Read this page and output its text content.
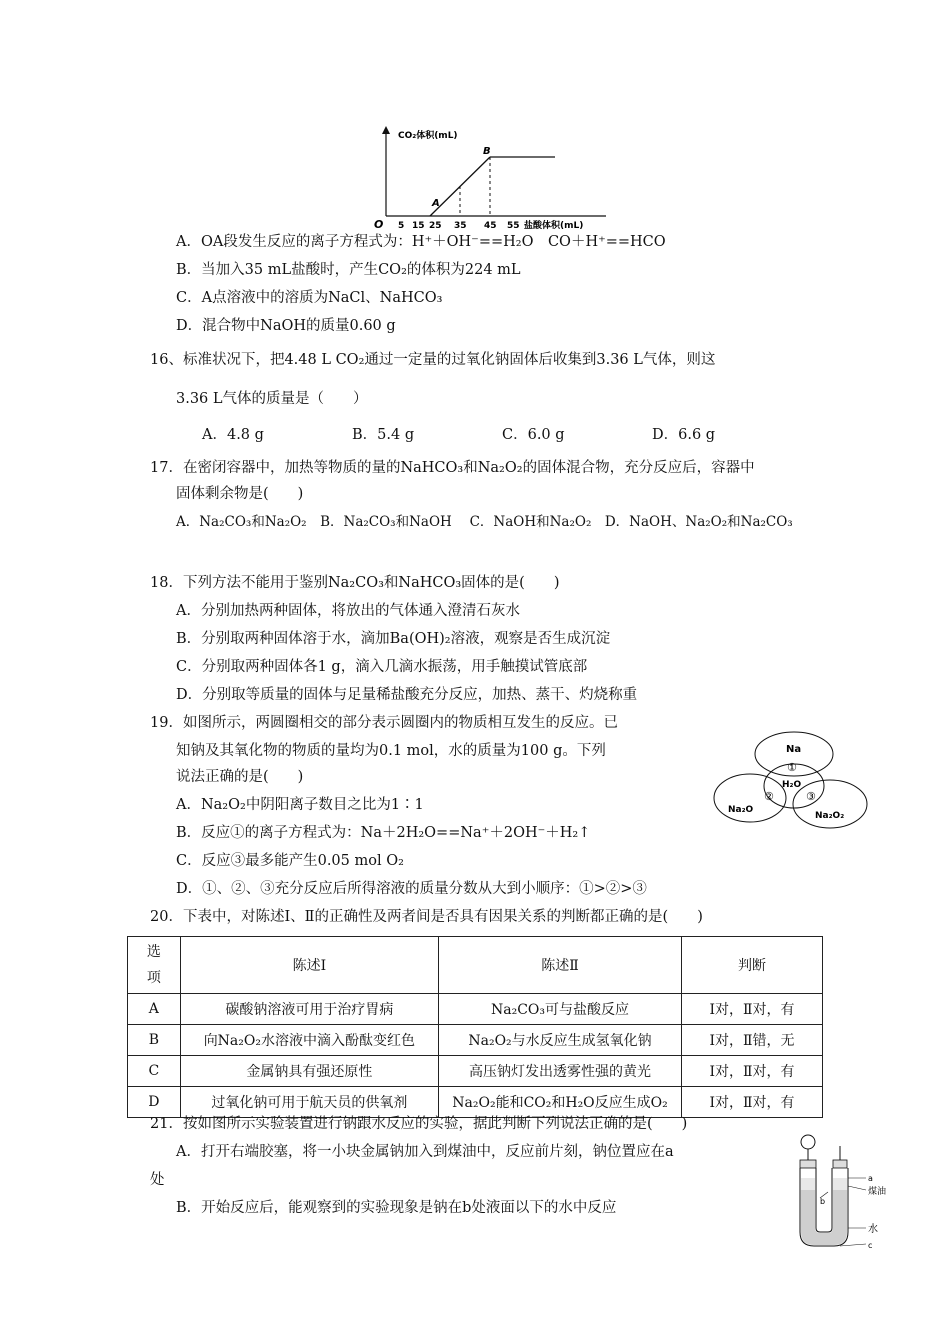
CO₂体积(mL)
O 5 15 25 35 45 55 盐酸体积(mL)
A
B
A．OA段发生反应的离子方程式为：H⁺＋OH⁻==H₂O　CO＋H⁺==HCO
B．当加入35 mL盐酸时，产生CO₂的体积为224 mL
C．A点溶液中的溶质为NaCl、NaHCO₃
D．混合物中NaOH的质量0.60 g
16、标准状况下，把4.48 L CO₂通过一定量的过氧化钠固体后收集到3.36 L气体，则这
3.36 L气体的质量是（　　）
A．4.8 g	B．5.4 g	C．6.0 g	D．6.6 g
17．在密闭容器中，加热等物质的量的NaHCO₃和Na₂O₂的固体混合物，充分反应后，容器中
固体剩余物是(　　)
A．Na₂CO₃和Na₂O₂　B．Na₂CO₃和NaOH　 C．NaOH和Na₂O₂　D．NaOH、Na₂O₂和Na₂CO₃
18．下列方法不能用于鉴别Na₂CO₃和NaHCO₃固体的是(　　)
A．分别加热两种固体，将放出的气体通入澄清石灰水
B．分别取两种固体溶于水，滴加Ba(OH)₂溶液，观察是否生成沉淀
C．分别取两种固体各1 g，滴入几滴水振荡，用手触摸试管底部
D．分别取等质量的固体与足量稀盐酸充分反应，加热、蒸干、灼烧称重
19．如图所示，两圆圈相交的部分表示圆圈内的物质相互发生的反应。已
知钠及其氧化物的物质的量均为0.1 mol，水的质量为100 g。下列
说法正确的是(　　)
A．Na₂O₂中阴阳离子数目之比为1∶1
B．反应①的离子方程式为：Na＋2H₂O==Na⁺＋2OH⁻＋H₂↑
C．反应③最多能产生0.05 mol O₂
D．①、②、③充分反应后所得溶液的质量分数从大到小顺序：①>②>③
Na
①
H₂O
②	③
Na₂O
Na₂O₂
20．下表中，对陈述Ⅰ、Ⅱ的正确性及两者间是否具有因果关系的判断都正确的是(　　)
选项	陈述Ⅰ	陈述Ⅱ	判断
A	碳酸钠溶液可用于治疗胃病	Na₂CO₃可与盐酸反应	Ⅰ对，Ⅱ对，有
B	向Na₂O₂水溶液中滴入酚酞变红色	Na₂O₂与水反应生成氢氧化钠	Ⅰ对，Ⅱ错，无
C	金属钠具有强还原性	高压钠灯发出透雾性强的黄光	Ⅰ对，Ⅱ对，有
D	过氧化钠可用于航天员的供氧剂	Na₂O₂能和CO₂和H₂O反应生成O₂	Ⅰ对，Ⅱ对，有
21．按如图所示实验装置进行钠跟水反应的实验，据此判断下列说法正确的是(　　)
A．打开右端胶塞，将一小块金属钠加入到煤油中，反应前片刻，钠位置应在a
处
B．开始反应后，能观察到的实验现象是钠在b处液面以下的水中反应
a
煤油
b
水
c
